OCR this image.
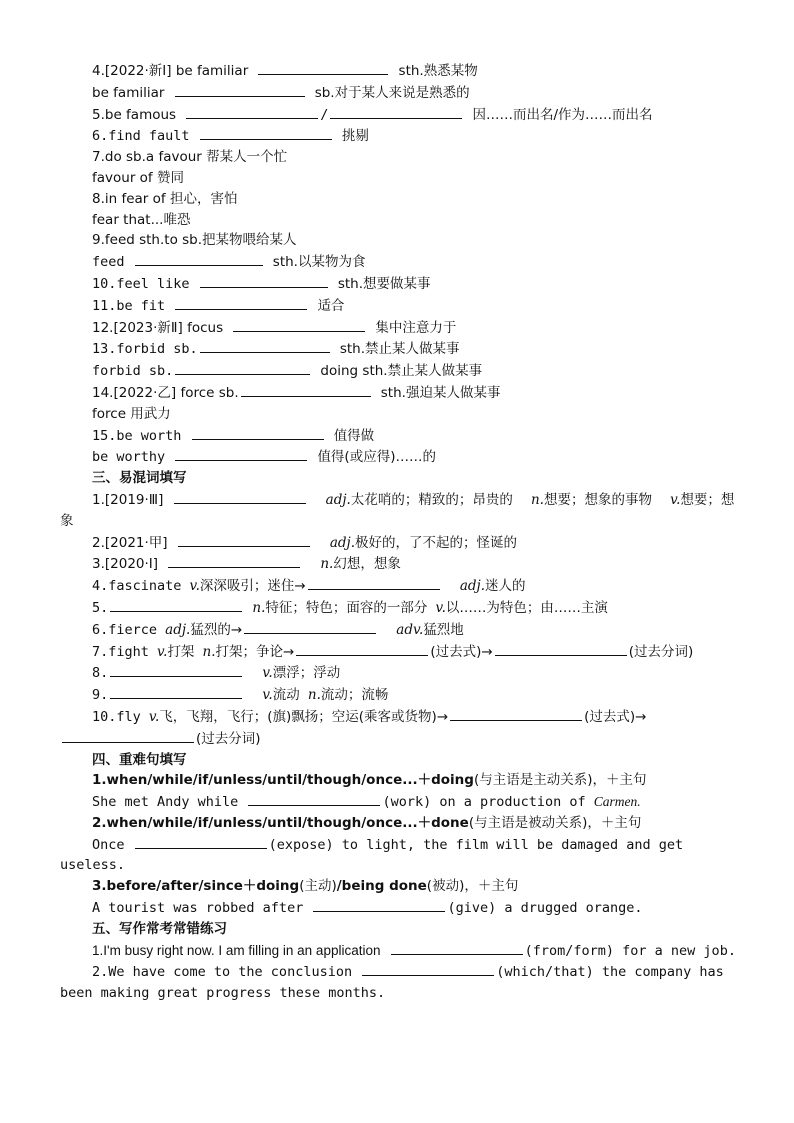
4.[2022·新Ⅰ] be familiar	sth.熟悉某物
be familiar	sb.对于某人来说是熟悉的
5.be famous	/	因……而出名/作为……而出名
6.find fault	挑剔
7.do sb.a favour 帮某人一个忙
favour of 赞同
8.in fear of 担心，害怕
fear that...唯恐
9.feed sth.to sb.把某物喂给某人
feed	sth.以某物为食
10.feel like	sth.想要做某事
11.be fit	适合
12.[2023·新Ⅱ] focus	集中注意力于
13.forbid sb.	sth.禁止某人做某事
forbid sb.	doing sth.禁止某人做某事
14.[2022·乙] force sb.	sth.强迫某人做某事
force 用武力
15.be worth	值得做
be worthy	值得(或应得)……的
三、易混词填写
1.[2019·Ⅲ]	adj.太花哨的；精致的；昂贵的 n.想要；想象的事物 v.想要；想象
2.[2021·甲]	adj.极好的，了不起的；怪诞的
3.[2020·Ⅰ]	n.幻想，想象
4.fascinate v.深深吸引；迷住→	adj.迷人的
5.	n.特征；特色；面容的一部分 v.以……为特色；由……主演
6.fierce adj.猛烈的→	adv.猛烈地
7.fight v.打架 n.打架；争论→	(过去式)→	(过去分词)
8.	v.漂浮；浮动
9.	v.流动 n.流动；流畅
10.fly v.飞，飞翔，飞行；(旗)飘扬；空运(乘客或货物)→	(过去式)→(过去分词)
四、重难句填写
1.when/while/if/unless/until/though/once...＋doing(与主语是主动关系)，＋主句
She met Andy while	(work) on a production of Carmen.
2.when/while/if/unless/until/though/once...＋done(与主语是被动关系)，＋主句
Once	(expose) to light, the film will be damaged and get useless.
3.before/after/since＋doing(主动)/being done(被动)，＋主句
A tourist was robbed after	(give) a drugged orange.
五、写作常考常错练习
1.I'm busy right now. I am filling in an application	(from/form) for a new job.
2.We have come to the conclusion	(which/that) the company has been making great progress these months.
